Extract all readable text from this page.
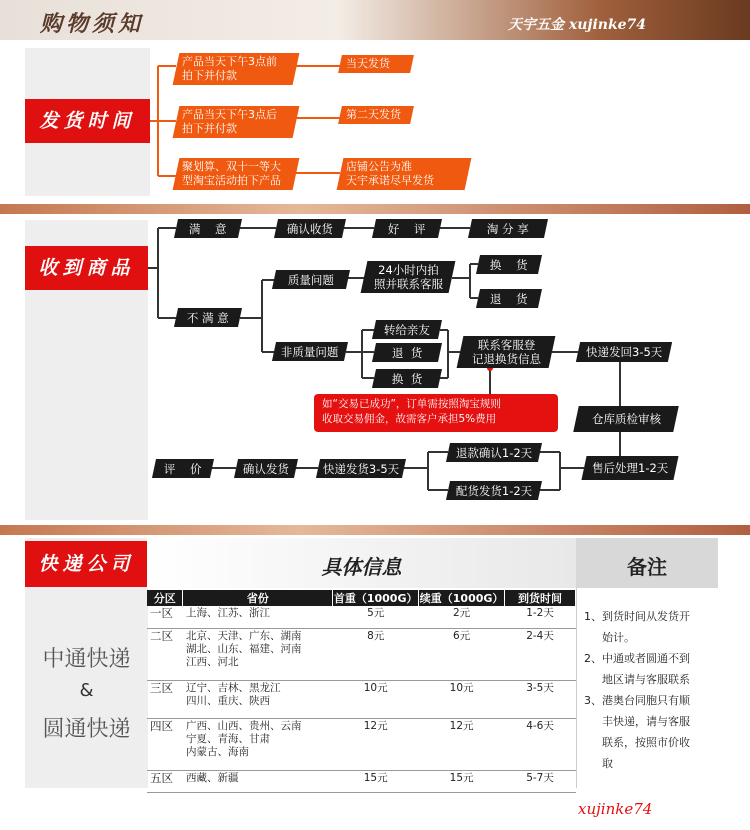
购物须知	天宇五金 xujinke74
发货时间
产品当天下午3点前
拍下并付款
当天发货
产品当天下午3点后
拍下并付款
第二天发货
聚划算、双十一等大
型淘宝活动拍下产品
店铺公告为准
天宇承诺尽早发货
收到商品
满    意	确认收货	好    评	淘 分 享
不 满 意
质量问题
24小时内拍
照并联系客服
换    货
退    货
非质量问题
转给亲友
退  货
换  货
联系客服登
记退换货信息	快递发回3-5天
仓库质检审核
售后处理1-2天
如“交易已成功”，订单需按照淘宝规则
收取交易佣金，故需客户承担5%费用
评    价	确认发货	快递发货3-5天
退款确认1-2天
配货发货1-2天
快递公司
中通快递
&
圆通快递
具体信息	备注
分区	省份	首重（1000G）	续重（1000G）	到货时间
一区	上海、江苏、浙江	5元	2元	1-2天
二区	北京、天津、广东、湖南
湖北、山东、福建、河南
江西、河北	8元	6元	2-4天
三区	辽宁、吉林、黑龙江
四川、重庆、陕西	10元	10元	3-5天
四区	广西、山西、贵州、云南
宁夏、青海、甘肃
内蒙古、海南	12元	12元	4-6天
五区	西藏、新疆	15元	15元	5-7天
1、 到货时间从发货开
始计。
2、 中通或者圆通不到
地区请与客服联系
3、 港奥台同胞只有顺
丰快递，请与客服
联系，按照市价收
取
xujinke74
